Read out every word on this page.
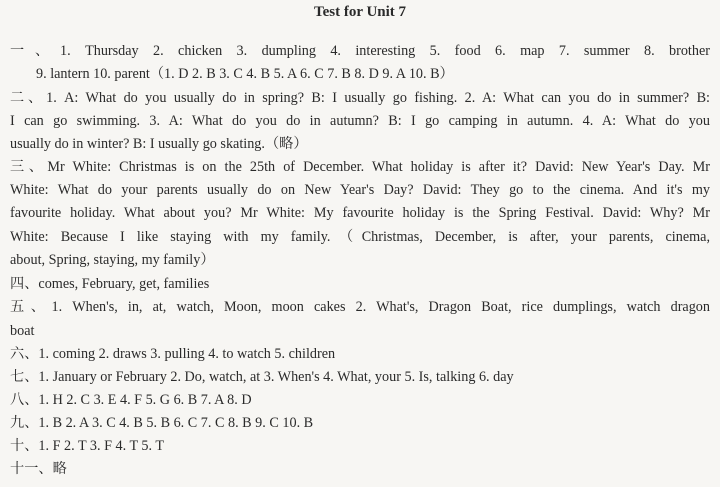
Test for Unit 7
一、1. Thursday 2. chicken 3. dumpling 4. interesting 5. food 6. map 7. summer 8. brother
9. lantern 10. parent（1. D 2. B 3. C 4. B 5. A 6. C 7. B 8. D 9. A 10. B）
二、1. A: What do you usually do in spring? B: I usually go fishing. 2. A: What can you do in summer? B:
I can go swimming. 3. A: What do you do in autumn? B: I go camping in autumn. 4. A: What do you
usually do in winter? B: I usually go skating.（略）
三、Mr White: Christmas is on the 25th of December. What holiday is after it? David: New Year's Day. Mr
White: What do your parents usually do on New Year's Day? David: They go to the cinema. And it's my
favourite holiday. What about you? Mr White: My favourite holiday is the Spring Festival. David: Why? Mr
White: Because I like staying with my family.（Christmas, December, is after, your parents, cinema,
about, Spring, staying, my family）
四、comes, February, get, families
五、1. When's, in, at, watch, Moon, moon cakes 2. What's, Dragon Boat, rice dumplings, watch dragon
boat
六、1. coming 2. draws 3. pulling 4. to watch 5. children
七、1. January or February 2. Do, watch, at 3. When's 4. What, your 5. Is, talking 6. day
八、1. H 2. C 3. E 4. F 5. G 6. B 7. A 8. D
九、1. B 2. A 3. C 4. B 5. B 6. C 7. C 8. B 9. C 10. B
十、1. F 2. T 3. F 4. T 5. T
十一、略
